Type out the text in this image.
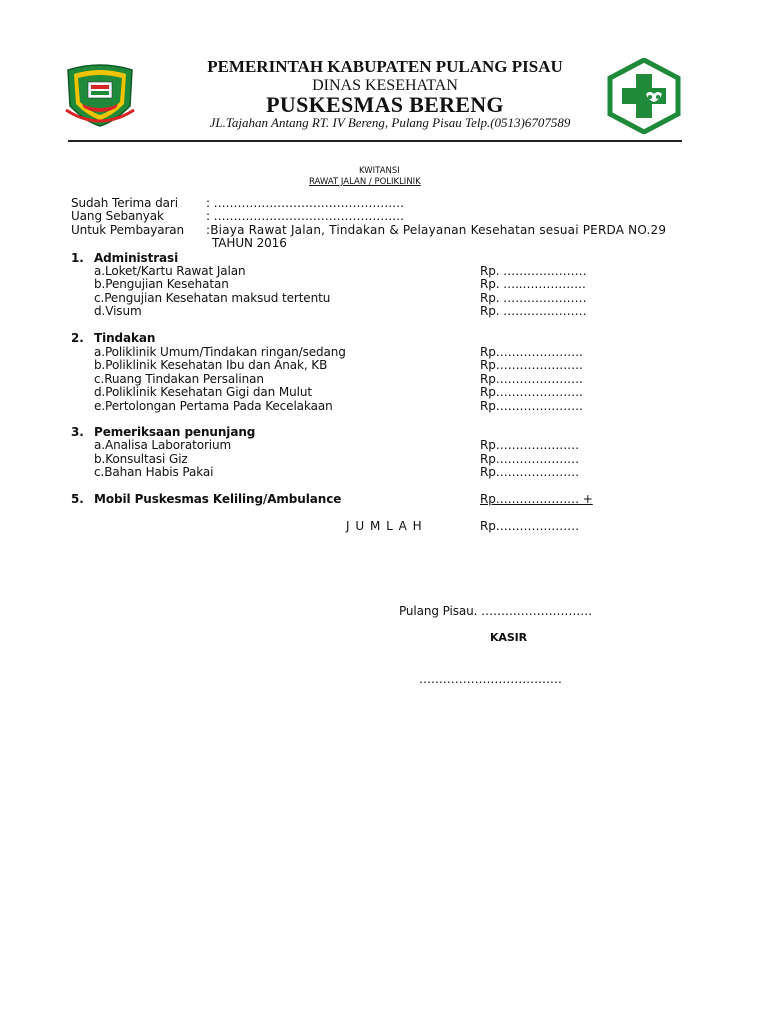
PEMERINTAH KABUPATEN PULANG PISAU
DINAS KESEHATAN
PUSKESMAS BERENG
JL.Tajahan Antang RT. IV Bereng, Pulang Pisau Telp.(0513)6707589
KWITANSI
RAWAT JALAN / POLIKLINIK
Sudah Terima dari : …………………………………………
Uang Sebanyak	: …………………………………………
Untuk Pembayaran :Biaya Rawat Jalan, Tindakan & Pelayanan Kesehatan sesuai PERDA NO.29
TAHUN 2016
1. Administrasi
a.Loket/Kartu Rawat Jalan	Rp. …………………
b.Pengujian Kesehatan	Rp. …..…………….
c.Pengujian Kesehatan maksud tertentu	Rp. …………………
d.Visum	Rp. …………………
2. Tindakan
a.Poliklinik Umum/Tindakan ringan/sedang	Rp………………….
b.Poliklinik Kesehatan Ibu dan Anak, KB	Rp………………….
c.Ruang Tindakan Persalinan	Rp………………….
d.Poliklinik Kesehatan Gigi dan Mulut	Rp………………….
e.Pertolongan Pertama Pada Kecelakaan	Rp………………….
3. Pemeriksaan penunjang
a.Analisa Laboratorium	Rp…………………
b.Konsultasi Giz	Rp…………………
c.Bahan Habis Pakai	Rp…………………
5. Mobil Puskesmas Keliling/Ambulance	Rp………………… +
J U M L A H	Rp…………………
Pulang Pisau. ……………………….
KASIR
………………………………
